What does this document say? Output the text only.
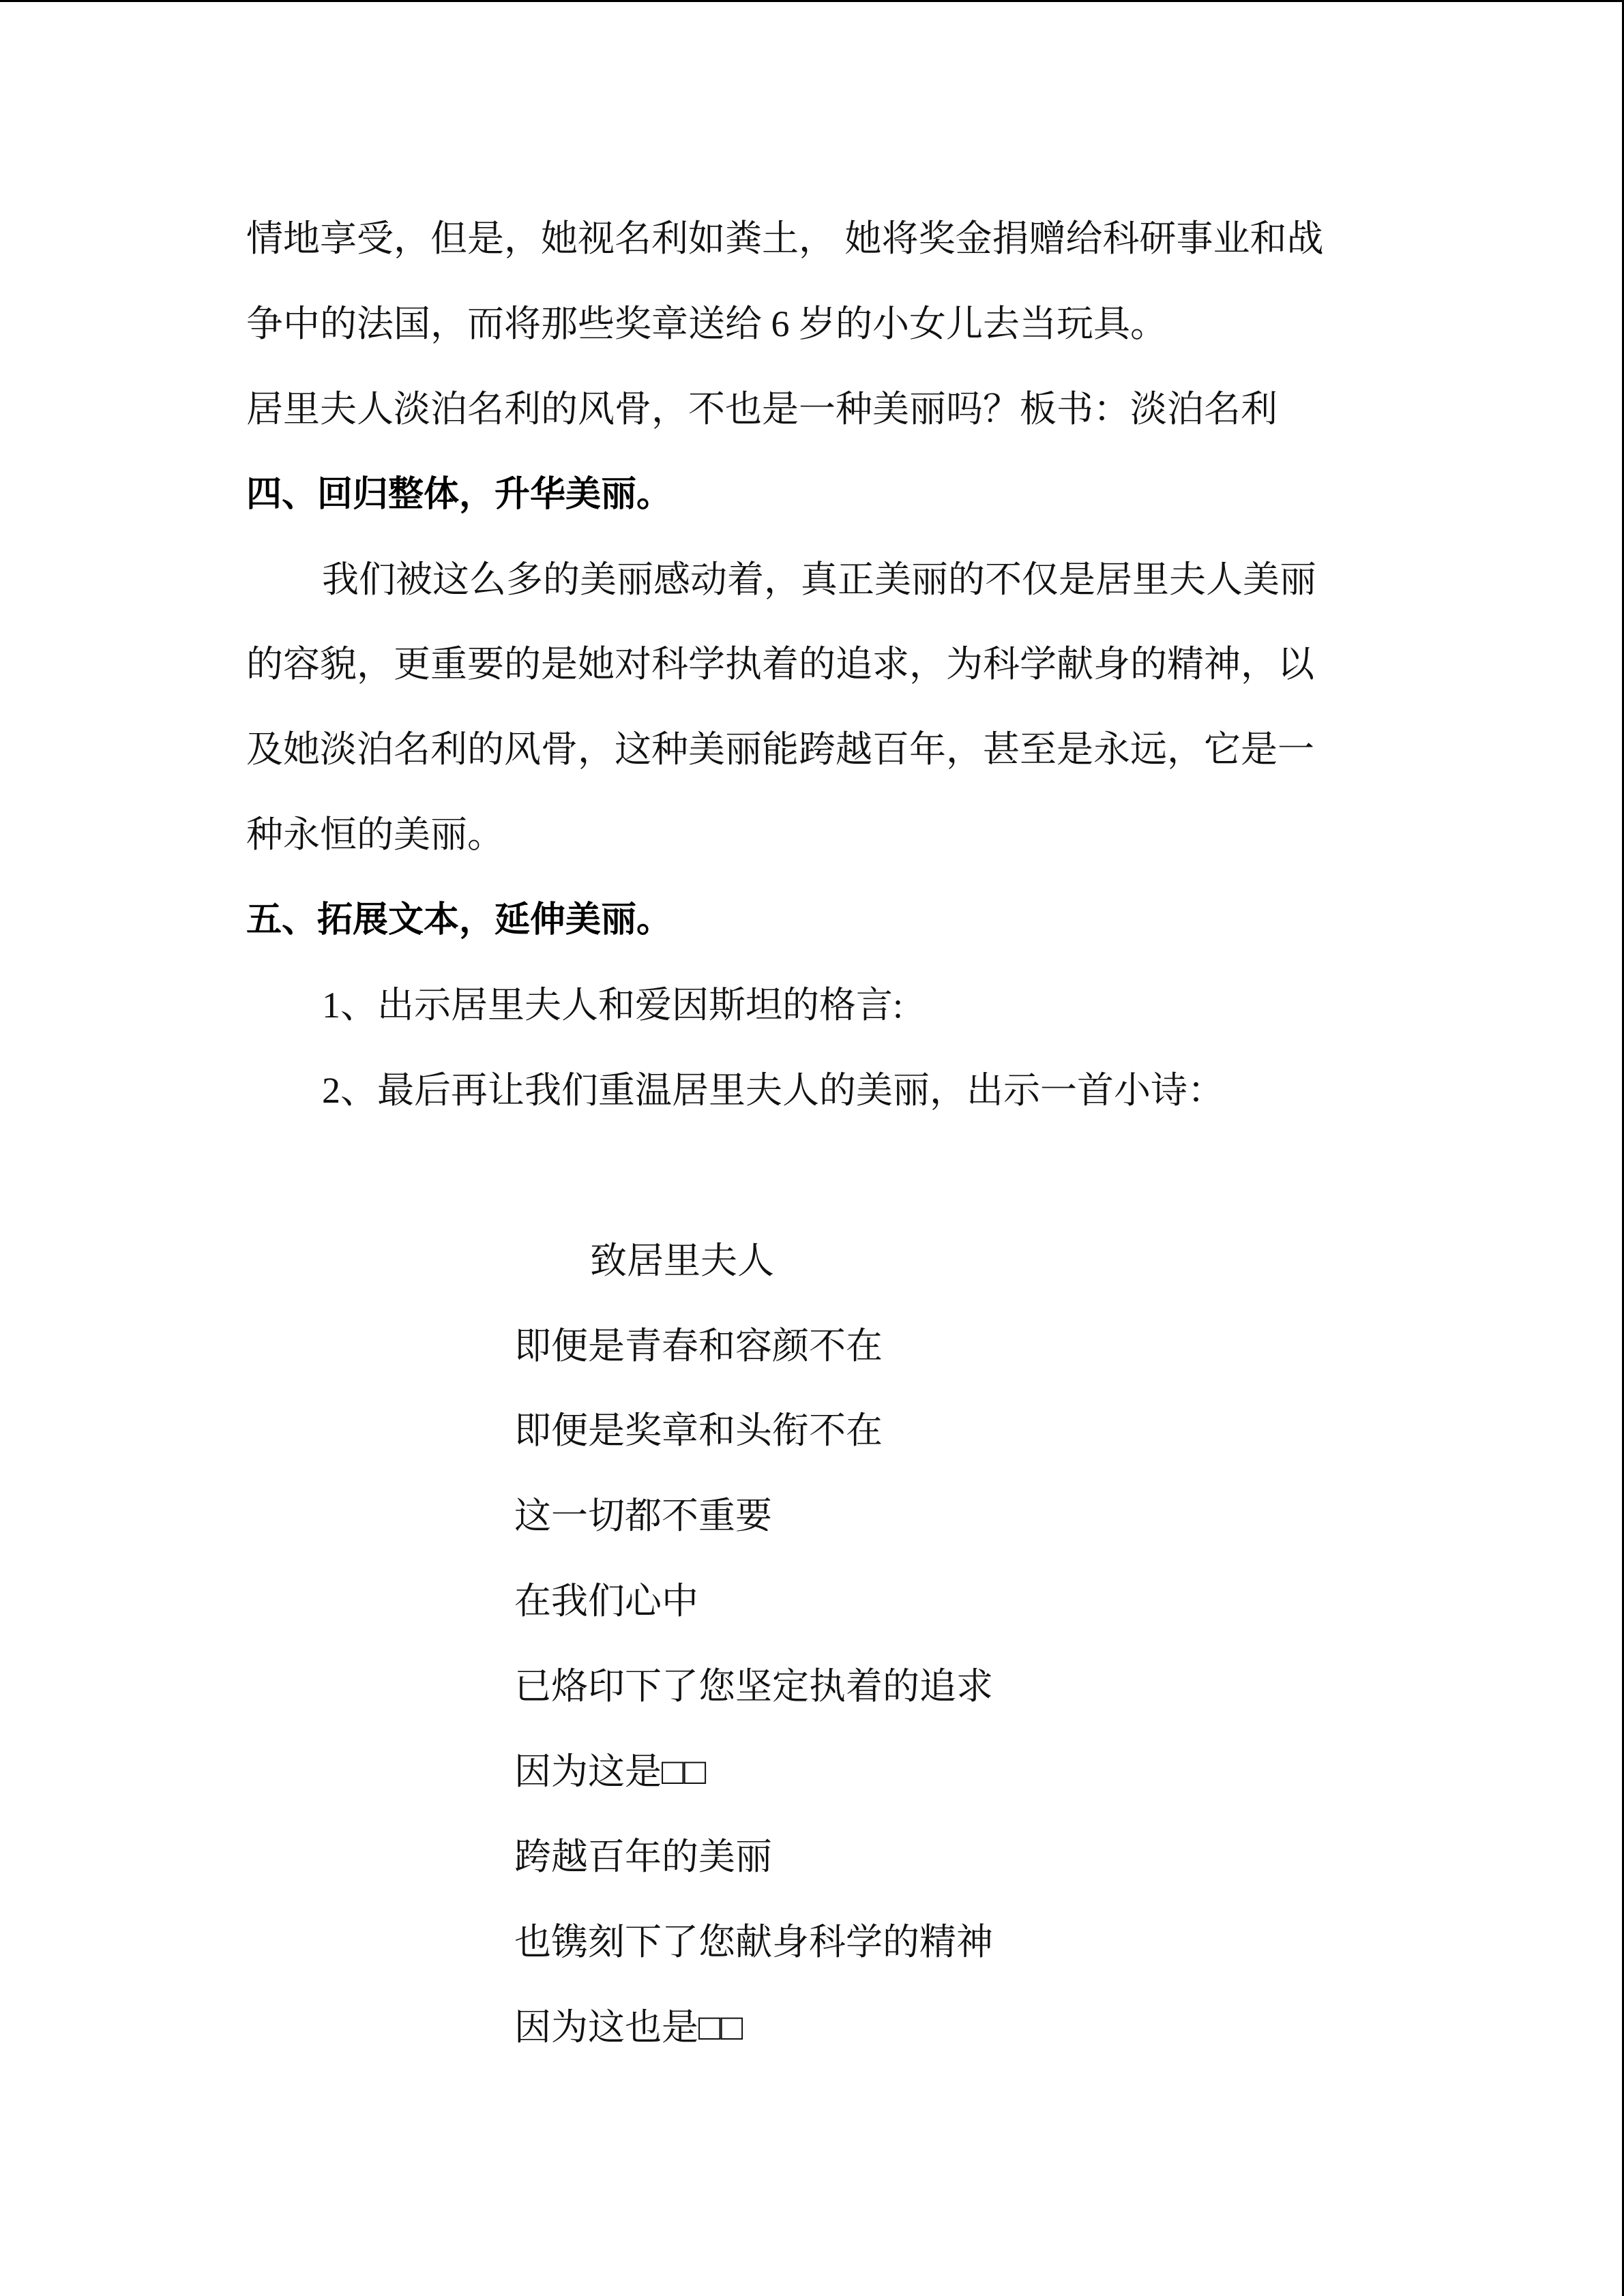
情地享受，但是，她视名利如粪土， 她将奖金捐赠给科研事业和战
争中的法国，而将那些奖章送给 6 岁的小女儿去当玩具。
居里夫人淡泊名利的风骨，不也是一种美丽吗？板书：淡泊名利
四、回归整体，升华美丽。
我们被这么多的美丽感动着，真正美丽的不仅是居里夫人美丽
的容貌，更重要的是她对科学执着的追求，为科学献身的精神，以
及她淡泊名利的风骨，这种美丽能跨越百年，甚至是永远，它是一
种永恒的美丽。
五、拓展文本，延伸美丽。
1、出示居里夫人和爱因斯坦的格言:
2、最后再让我们重温居里夫人的美丽，出示一首小诗：
致居里夫人
即便是青春和容颜不在
即便是奖章和头衔不在
这一切都不重要
在我们心中
已烙印下了您坚定执着的追求
因为这是□□
跨越百年的美丽
也镌刻下了您献身科学的精神
因为这也是□□
